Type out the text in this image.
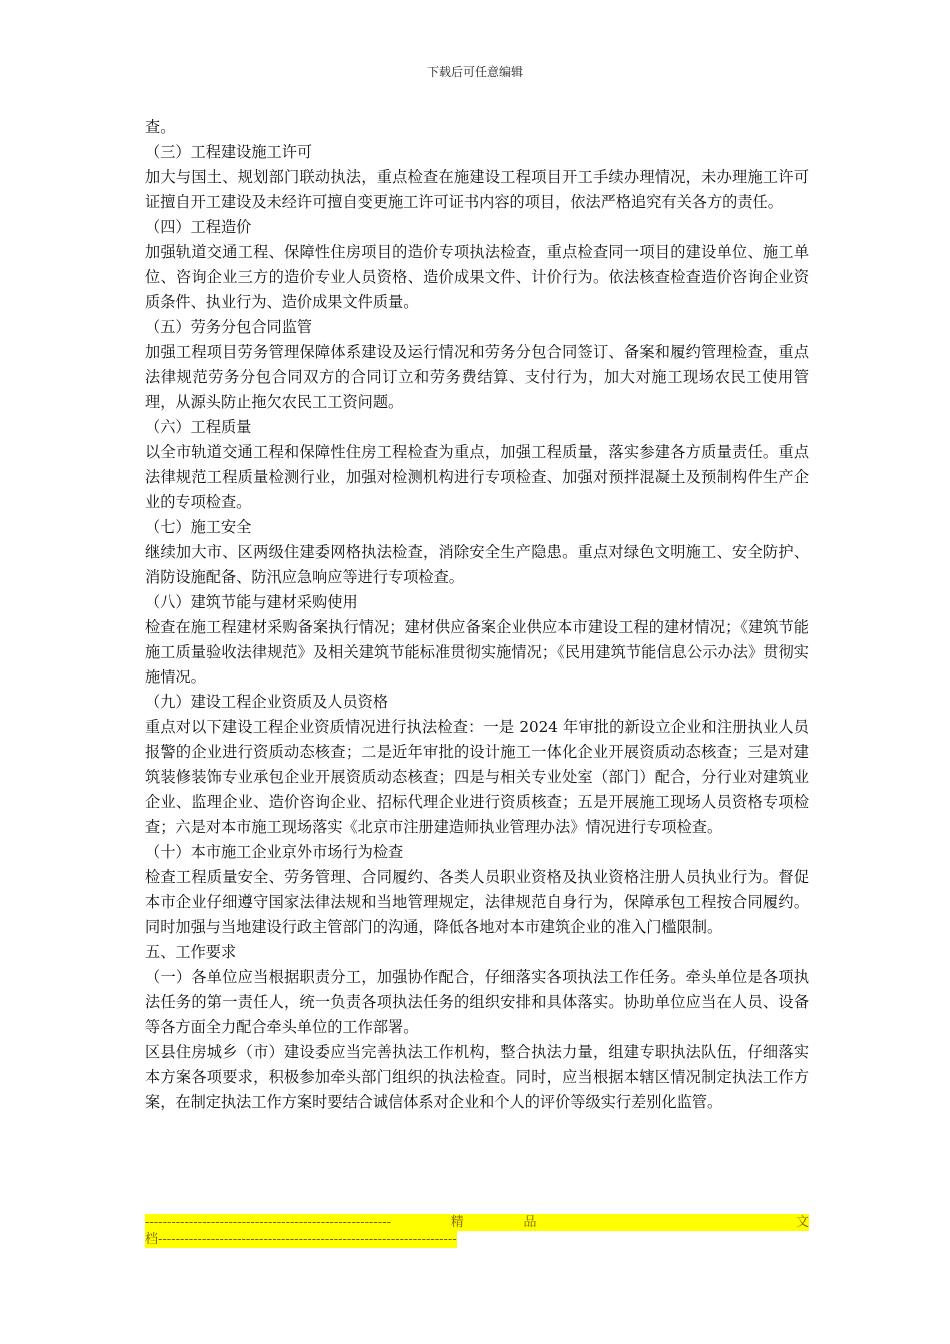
下载后可任意编辑

查。

（三）工程建设施工许可

加大与国土、规划部门联动执法，重点检查在施建设工程项目开工手续办理情况，未办理施工许可证擅自开工建设及未经许可擅自变更施工许可证书内容的项目，依法严格追究有关各方的责任。

（四）工程造价

加强轨道交通工程、保障性住房项目的造价专项执法检查，重点检查同一项目的建设单位、施工单位、咨询企业三方的造价专业人员资格、造价成果文件、计价行为。依法核查检查造价咨询企业资质条件、执业行为、造价成果文件质量。

（五）劳务分包合同监管

加强工程项目劳务管理保障体系建设及运行情况和劳务分包合同签订、备案和履约管理检查，重点法律规范劳务分包合同双方的合同订立和劳务费结算、支付行为，加大对施工现场农民工使用管理，从源头防止拖欠农民工工资问题。

（六）工程质量

以全市轨道交通工程和保障性住房工程检查为重点，加强工程质量，落实参建各方质量责任。重点法律规范工程质量检测行业，加强对检测机构进行专项检查、加强对预拌混凝土及预制构件生产企业的专项检查。

（七）施工安全

继续加大市、区两级住建委网格执法检查，消除安全生产隐患。重点对绿色文明施工、安全防护、消防设施配备、防汛应急响应等进行专项检查。

（八）建筑节能与建材采购使用

检查在施工程建材采购备案执行情况；建材供应备案企业供应本市建设工程的建材情况；《建筑节能施工质量验收法律规范》及相关建筑节能标准贯彻实施情况；《民用建筑节能信息公示办法》贯彻实施情况。

（九）建设工程企业资质及人员资格

重点对以下建设工程企业资质情况进行执法检查：一是 2024 年审批的新设立企业和注册执业人员报警的企业进行资质动态核查；二是近年审批的设计施工一体化企业开展资质动态核查；三是对建筑装修装饰专业承包企业开展资质动态核查；四是与相关专业处室（部门）配合，分行业对建筑业企业、监理企业、造价咨询企业、招标代理企业进行资质核查；五是开展施工现场人员资格专项检查；六是对本市施工现场落实《北京市注册建造师执业管理办法》情况进行专项检查。

（十）本市施工企业京外市场行为检查

检查工程质量安全、劳务管理、合同履约、各类人员职业资格及执业资格注册人员执业行为。督促本市企业仔细遵守国家法律法规和当地管理规定，法律规范自身行为，保障承包工程按合同履约。同时加强与当地建设行政主管部门的沟通，降低各地对本市建筑企业的准入门槛限制。

五、工作要求

（一）各单位应当根据职责分工，加强协作配合，仔细落实各项执法工作任务。牵头单位是各项执法任务的第一责任人，统一负责各项执法任务的组织安排和具体落实。协助单位应当在人员、设备等各方面全力配合牵头单位的工作部署。

区县住房城乡（市）建设委应当完善执法工作机构，整合执法力量，组建专职执法队伍，仔细落实本方案各项要求，积极参加牵头部门组织的执法检查。同时，应当根据本辖区情况制定执法工作方案，在制定执法工作方案时要结合诚信体系对企业和个人的评价等级实行差别化监管。

--------------------------------------------------------	精	品	文
档--------------------------------------------------------------------
